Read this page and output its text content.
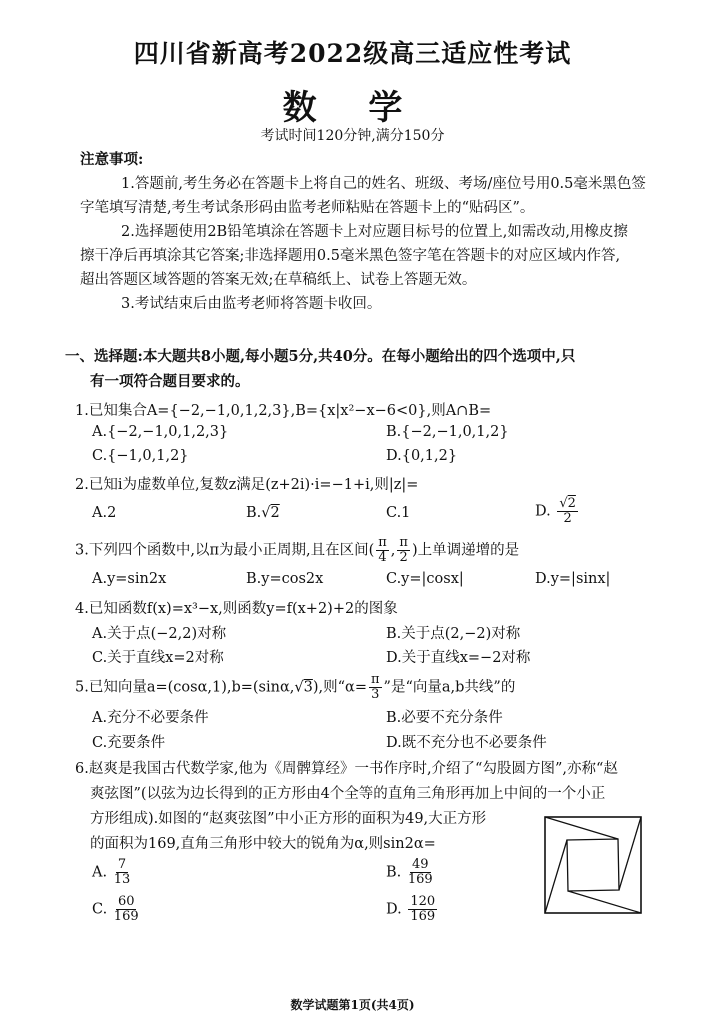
四川省新高考2022级高三适应性考试
数 学
考试时间120分钟,满分150分
注意事项:
1.答题前,考生务必在答题卡上将自己的姓名、班级、考场/座位号用0.5毫米黑色签
字笔填写清楚,考生考试条形码由监考老师粘贴在答题卡上的“贴码区”。
2.选择题使用2B铅笔填涂在答题卡上对应题目标号的位置上,如需改动,用橡皮擦
擦干净后再填涂其它答案;非选择题用0.5毫米黑色签字笔在答题卡的对应区域内作答,
超出答题区域答题的答案无效;在草稿纸上、试卷上答题无效。
3.考试结束后由监考老师将答题卡收回。
一、选择题:本大题共8小题,每小题5分,共40分。在每小题给出的四个选项中,只
有一项符合题目要求的。
1.已知集合A={−2,−1,0,1,2,3},B={x|x²−x−6<0},则A∩B=
A.{−2,−1,0,1,2,3}	B.{−2,−1,0,1,2}
C.{−1,0,1,2}	D.{0,1,2}
2.已知i为虚数单位,复数z满足(z+2i)·i=−1+i,则|z|=
A.2	B.√2	C.1	D. $\frac{√2}{2}$
3.下列四个函数中,以π为最小正周期,且在区间( $\frac{\pi}{4}$ , $\frac{\pi}{2}$ )上单调递增的是
A.y=sin2x	B.y=cos2x	C.y=|cosx|	D.y=|sinx|
4.已知函数f(x)=x³−x,则函数y=f(x+2)+2的图象
A.关于点(−2,2)对称	B.关于点(2,−2)对称
C.关于直线x=2对称	D.关于直线x=−2对称
5.已知向量a=(cosα,1),b=(sinα,√3),则“$\alpha= \frac{\pi}{3}$ ”是“向量a,b共线”的
A.充分不必要条件	B.必要不充分条件
C.充要条件	D.既不充分也不必要条件
6.赵爽是我国古代数学家,他为《周髀算经》一书作序时,介绍了“勾股圆方图”,亦称“赵
爽弦图”(以弦为边长得到的正方形由4个全等的直角三角形再加上中间的一个小正
方形组成).如图的“赵爽弦图”中小正方形的面积为49,大正方形
的面积为169,直角三角形中较大的锐角为α,则sin2α=
A. $\frac{7}{13}$	B. $\frac{49}{169}$
C. $\frac{60}{169}$	D. $\frac{120}{169}$
数学试题第1页(共4页)
